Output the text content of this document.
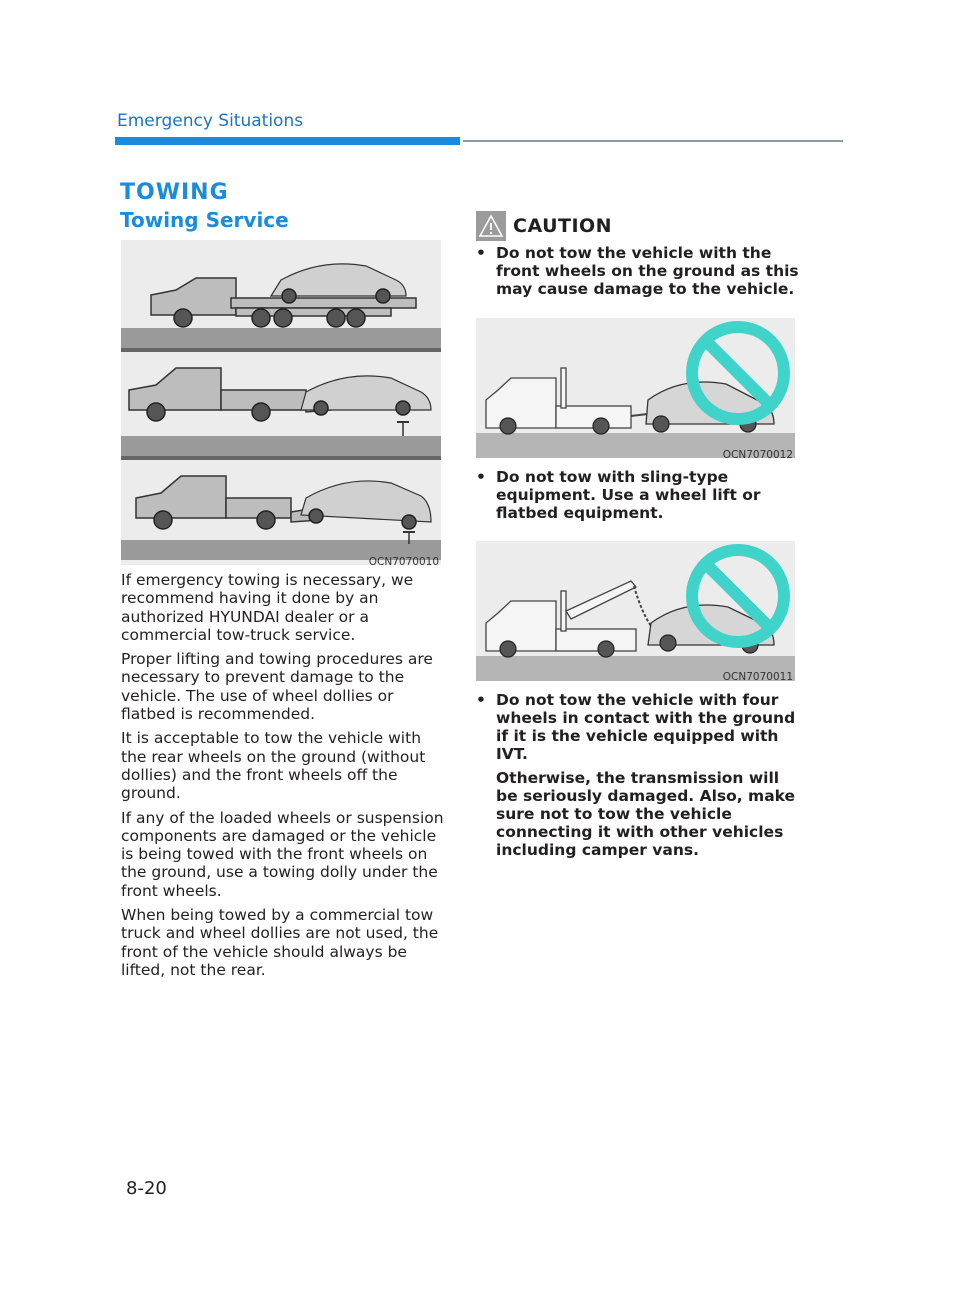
Emergency Situations
TOWING
Towing Service
OCN7070010

If emergency towing is necessary, we recommend having it done by an authorized HYUNDAI dealer or a commercial tow-truck service.

Proper lifting and towing procedures are necessary to prevent damage to the vehicle. The use of wheel dollies or flatbed is recommended.

It is acceptable to tow the vehicle with the rear wheels on the ground (without dollies) and the front wheels off the ground.

If any of the loaded wheels or suspension components are damaged or the vehicle is being towed with the front wheels on the ground, use a towing dolly under the front wheels.

When being towed by a commercial tow truck and wheel dollies are not used, the front of the vehicle should always be lifted, not the rear.

CAUTION
• Do not tow the vehicle with the front wheels on the ground as this may cause damage to the vehicle.

OCN7070012
• Do not tow with sling-type equipment. Use a wheel lift or flatbed equipment.

OCN7070011
• Do not tow the vehicle with four wheels in contact with the ground if it is the vehicle equipped with IVT.

Otherwise, the transmission will be seriously damaged. Also, make sure not to tow the vehicle connecting it with other vehicles including camper vans.

8-20
